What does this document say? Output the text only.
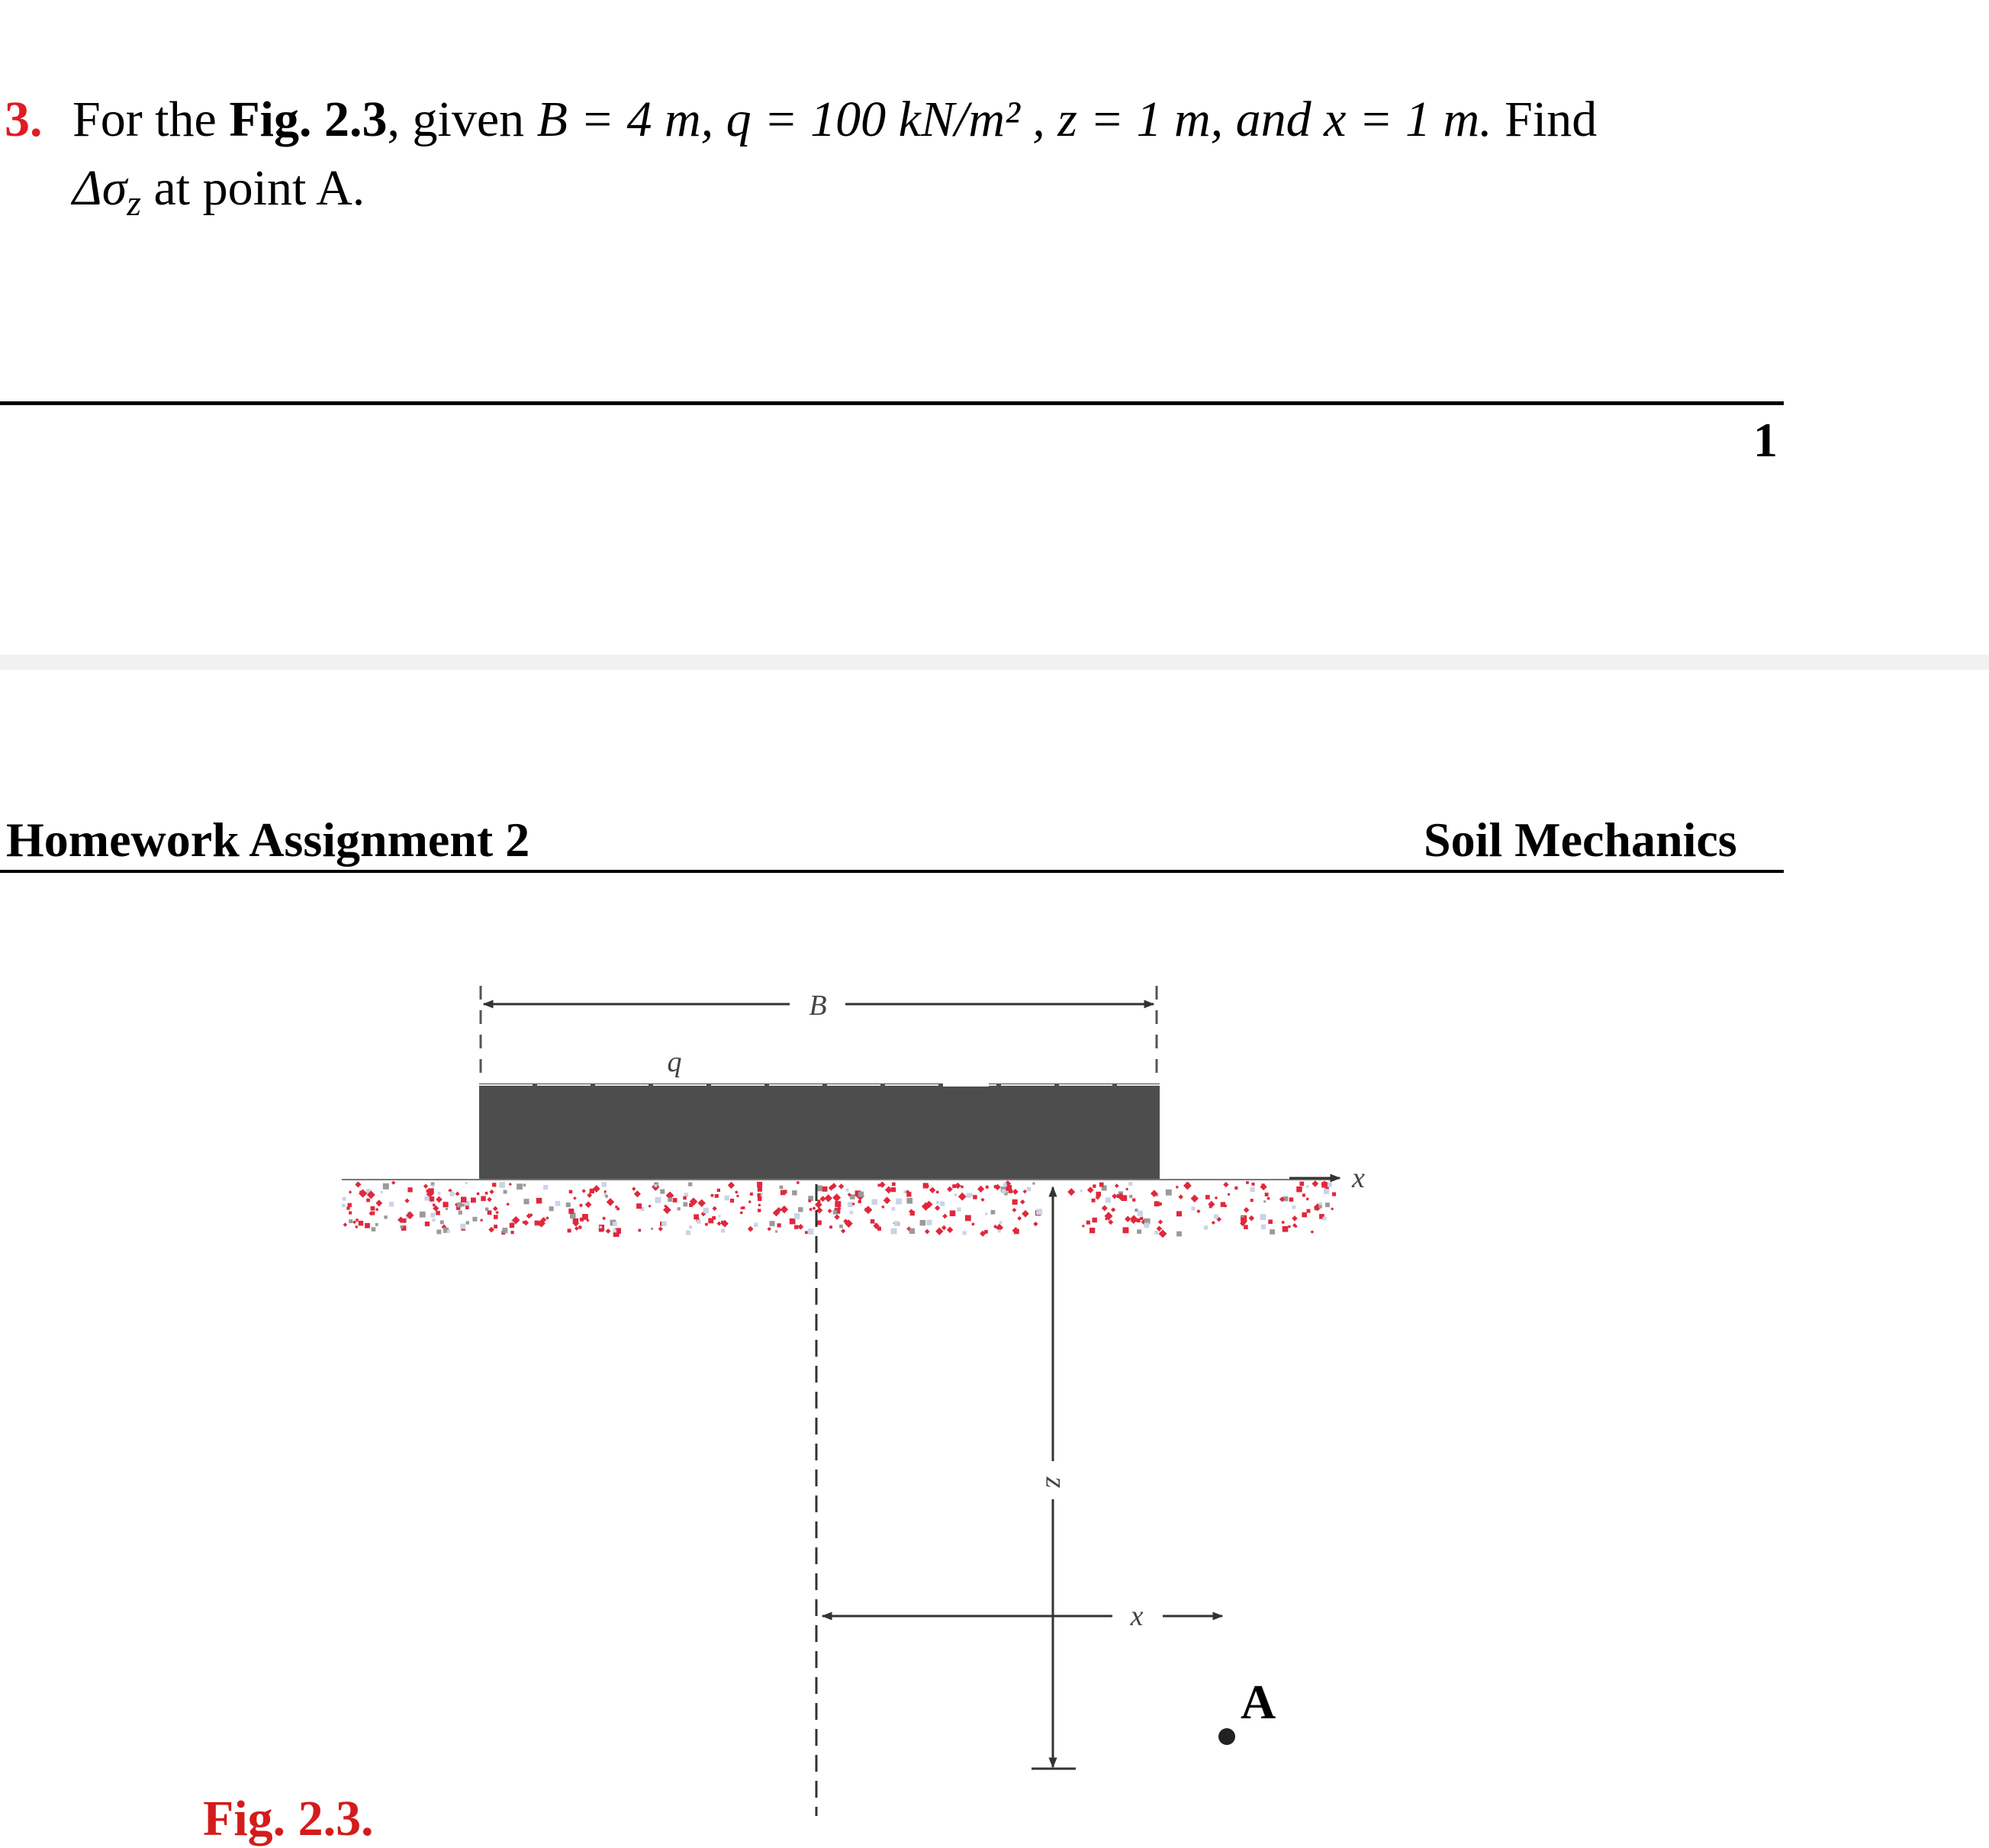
3. For the Fig. 2.3, given B = 4 m, q = 100 kN/m² , z = 1 m, and x = 1 m. Find
$\Delta\sigma_z$ at point A.
1
Homework Assignment 2	Soil Mechanics
B
q
x
z
x
A
Fig. 2.3.
